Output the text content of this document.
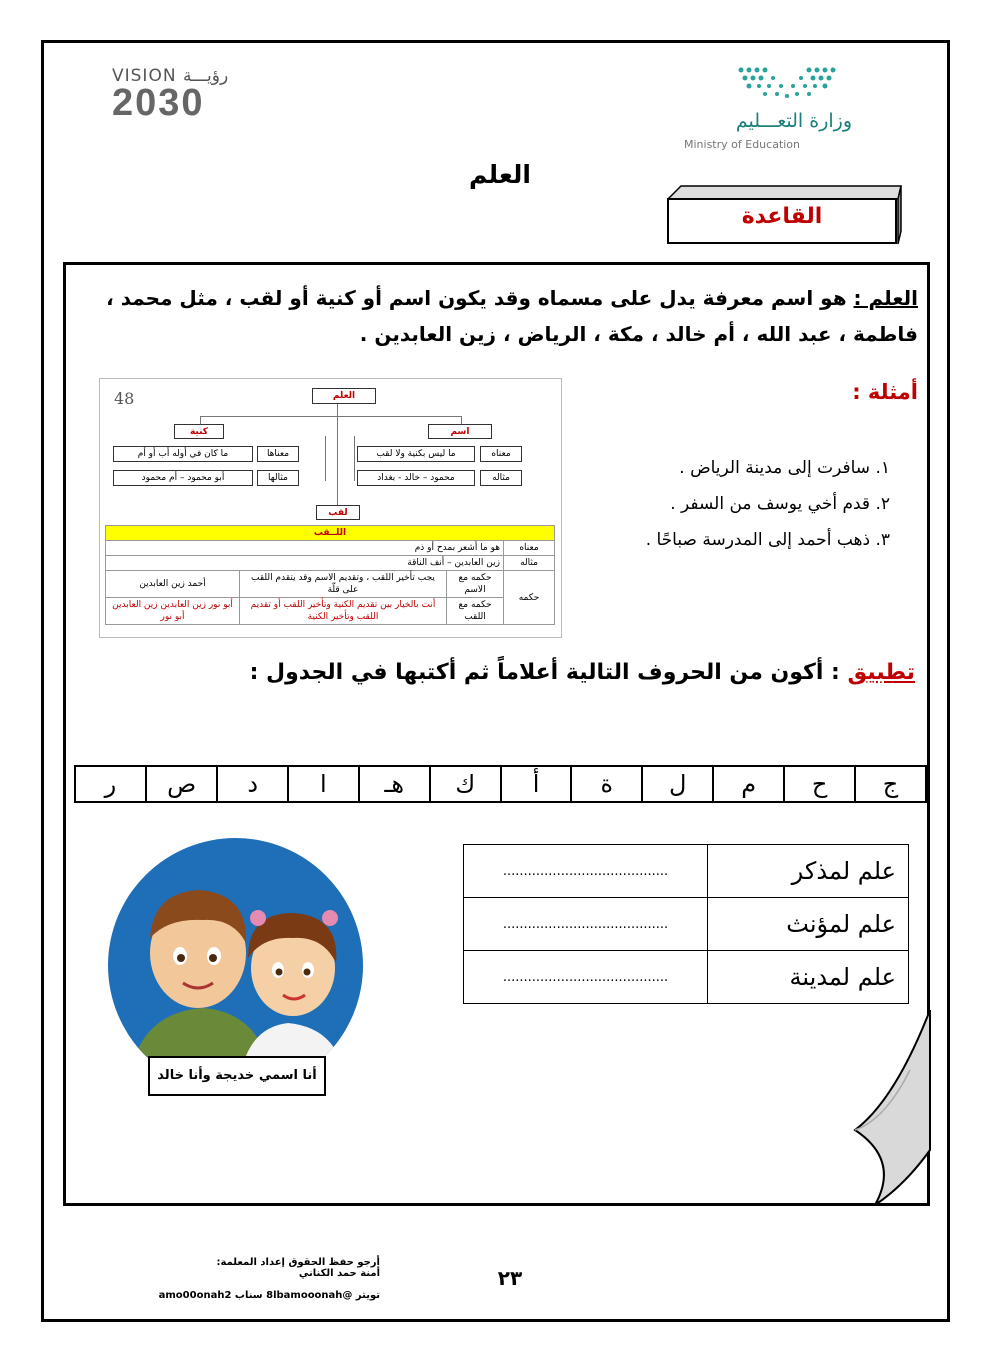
VISION رؤيـــة
2030	وزارة التعـــليم
Ministry of Education
العلم
القاعدة
العلم : هو اسم معرفة يدل على مسماه وقد يكون اسم أو كنية أو لقب ، مثل محمد ، فاطمة ، عبد الله ، أم خالد ، مكة ، الرياض ، زين العابدين .
أمثلة :
١. سافرت إلى مدينة الرياض .
٢. قدم أخي يوسف من السفر .
٣. ذهب أحمد إلى المدرسة صباحًا .
48	العلم
اسم
كنية
معناه
ما ليس بكنية ولا لقب
مثاله
محمود – خالد - بغداد
معناها
ما كان في أوله أب أو أم
مثالها
أبو محمود – أم محمود
لقب
اللــقب			
معناه	هو ما أشعر بمدح أو ذم		
مثاله	زين العابدين – أنف الناقة		
حكمه	حكمه مع الاسم	يجب تأخير اللقب ، وتقديم الاسم وقد يتقدم اللقب على قلّة	أحمد زين العابدين
	حكمه مع اللقب	أنت بالخيار بين تقديم الكنية وتأخير اللقب أو تقديم اللقب وتأخير الكنية	أبو نور زين العابدين زين العابدين أبو نور
تطبيق : أكون من الحروف التالية أعلاماً ثم أكتبها في الجدول :
ج	ح	م	ل	ة	أ	ك	هـ	ا	د	ص	ر
علم لمذكر	........................................
علم لمؤنث	........................................
علم لمدينة	........................................
أنا اسمي خديجة وأنا خالد
أرجو حفظ الحقوق إعداد المعلمة: أمنة حمد الكناني
تويتر @8lbamooonah سناب amo00onah2
٢٣
